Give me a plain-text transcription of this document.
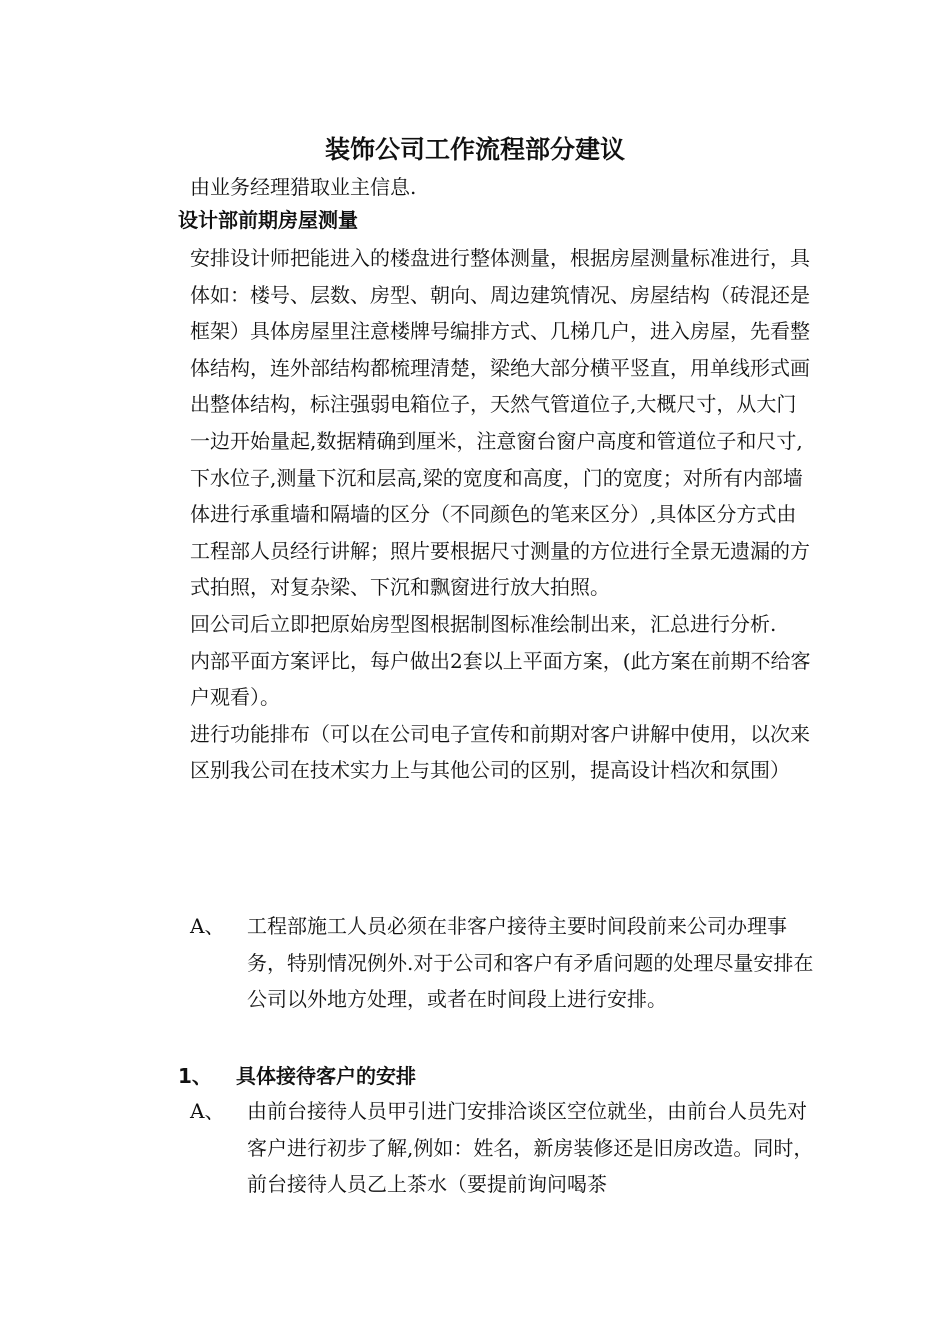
装饰公司工作流程部分建议
由业务经理猎取业主信息.
设计部前期房屋测量

安排设计师把能进入的楼盘进行整体测量，根据房屋测量标准进行，具体如：楼号、层数、房型、朝向、周边建筑情况、房屋结构（砖混还是框架）具体房屋里注意楼牌号编排方式、几梯几户，进入房屋，先看整体结构，连外部结构都梳理清楚，梁绝大部分横平竖直，用单线形式画出整体结构，标注强弱电箱位子，天然气管道位子,大概尺寸，从大门一边开始量起,数据精确到厘米，注意窗台窗户高度和管道位子和尺寸,下水位子,测量下沉和层高,梁的宽度和高度，门的宽度；对所有内部墙体进行承重墙和隔墙的区分（不同颜色的笔来区分）,具体区分方式由工程部人员经行讲解；照片要根据尺寸测量的方位进行全景无遗漏的方式拍照，对复杂梁、下沉和飘窗进行放大拍照。

回公司后立即把原始房型图根据制图标准绘制出来，汇总进行分析.

内部平面方案评比，每户做出2套以上平面方案，(此方案在前期不给客户观看）。

进行功能排布（可以在公司电子宣传和前期对客户讲解中使用，以次来区别我公司在技术实力上与其他公司的区别，提高设计档次和氛围）

A、 工程部施工人员必须在非客户接待主要时间段前来公司办理事务，特别情况例外.对于公司和客户有矛盾问题的处理尽量安排在公司以外地方处理，或者在时间段上进行安排。
1、 具体接待客户的安排
A、 由前台接待人员甲引进门安排洽谈区空位就坐，由前台人员先对客户进行初步了解,例如：姓名，新房装修还是旧房改造。同时，前台接待人员乙上茶水（要提前询问喝茶
